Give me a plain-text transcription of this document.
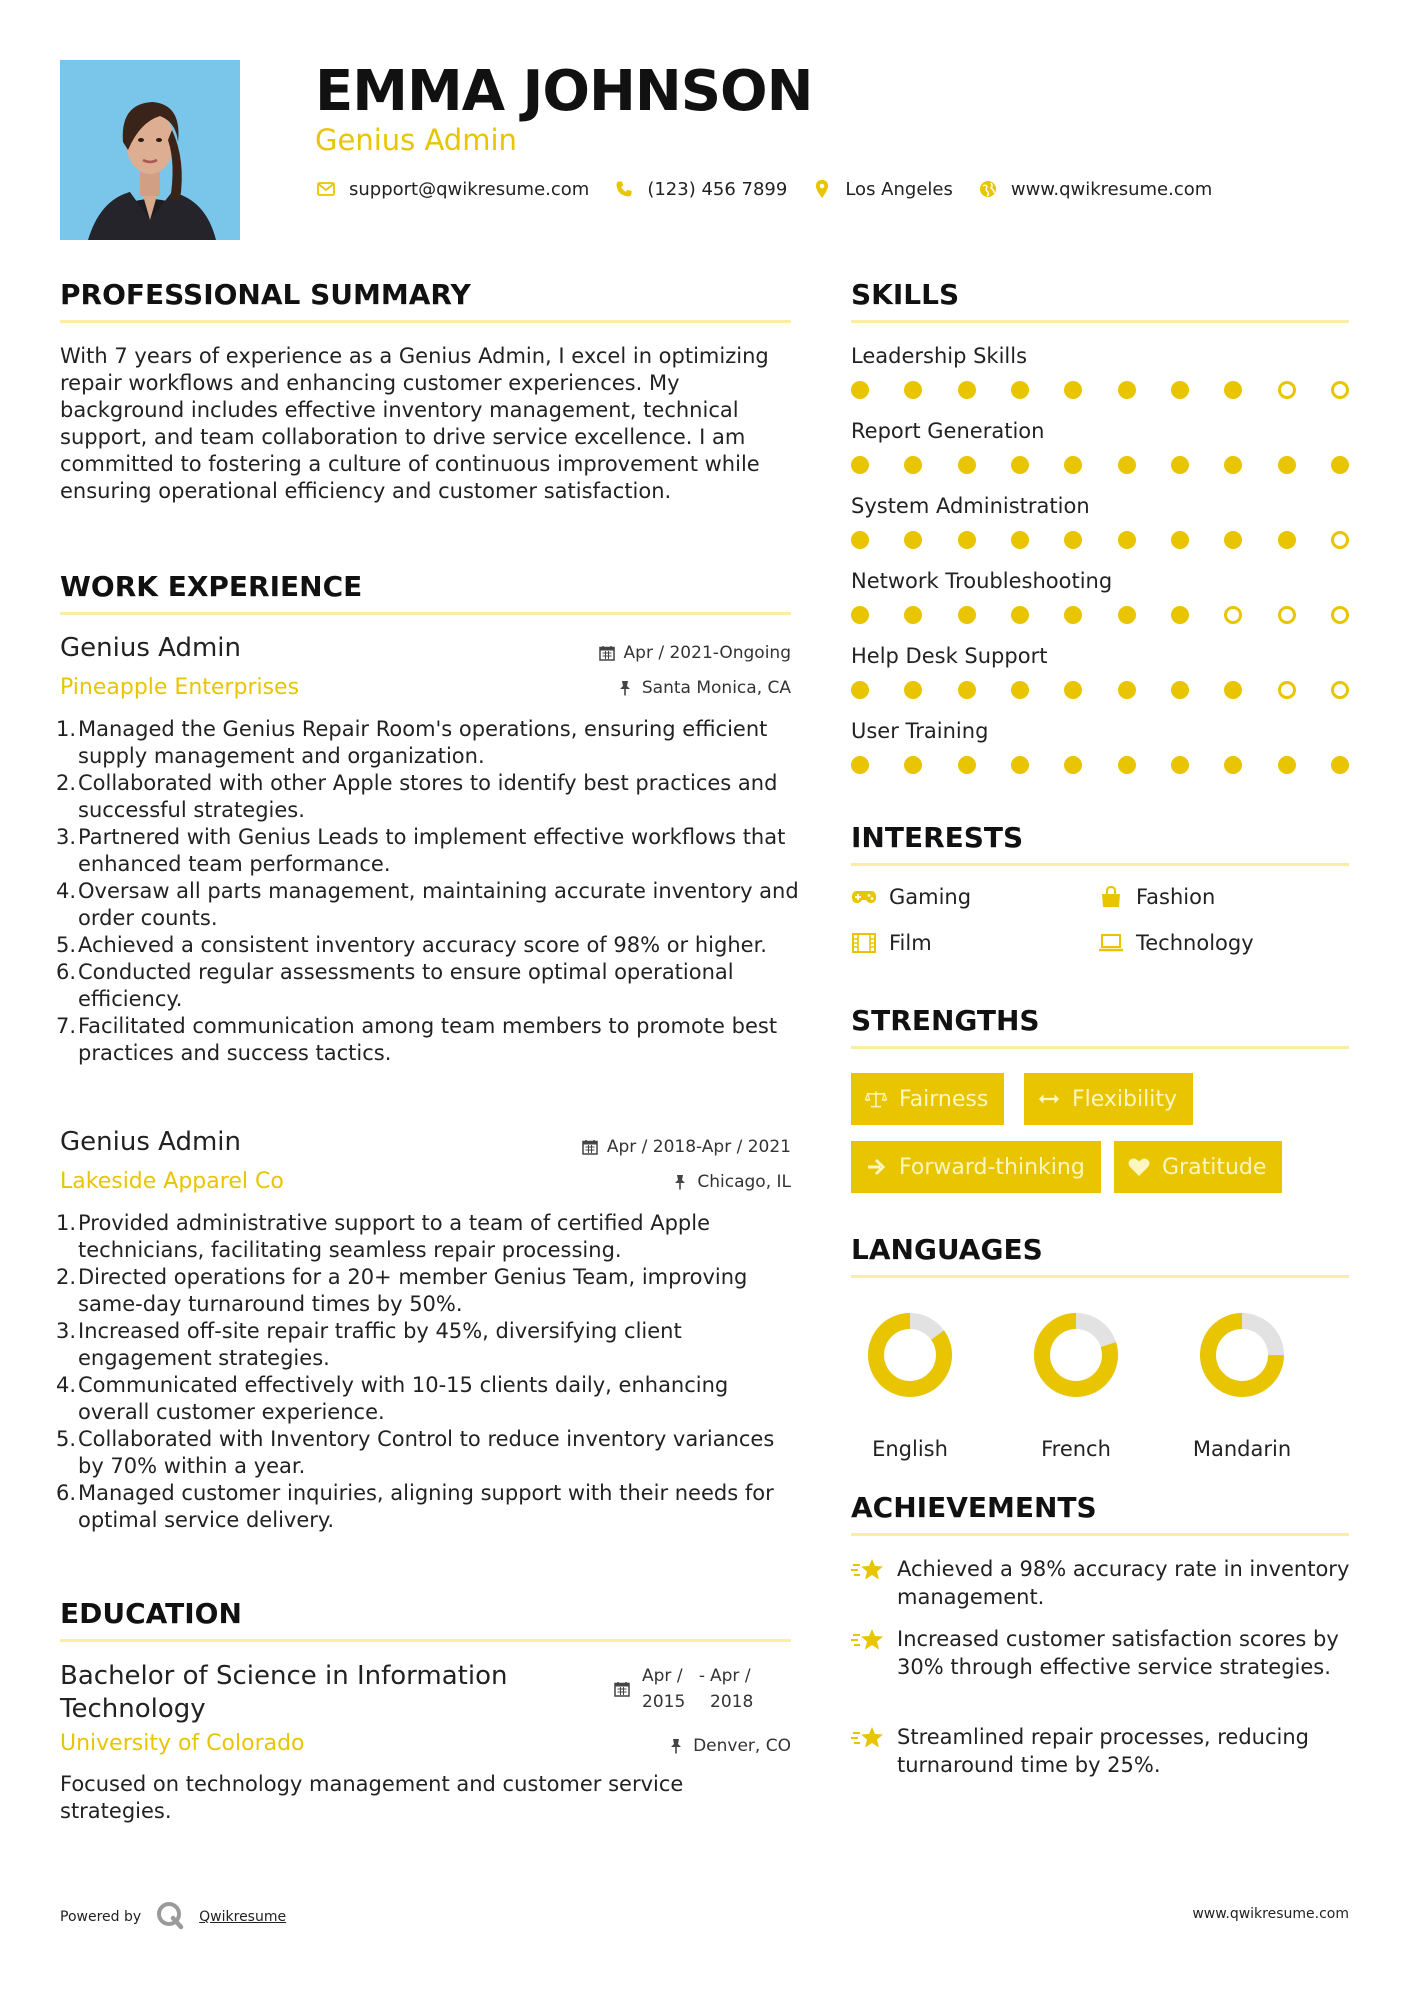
EMMA JOHNSON
Genius Admin
support@qwikresume.com	(123) 456 7899	Los Angeles	www.qwikresume.com
PROFESSIONAL SUMMARY
With 7 years of experience as a Genius Admin, I excel in optimizing repair workflows and enhancing customer experiences. My background includes effective inventory management, technical support, and team collaboration to drive service excellence. I am committed to fostering a culture of continuous improvement while ensuring operational efficiency and customer satisfaction.
WORK EXPERIENCE
Genius Admin	Apr / 2021-Ongoing
Pineapple Enterprises	Santa Monica, CA
1. Managed the Genius Repair Room's operations, ensuring efficient supply management and organization.
2. Collaborated with other Apple stores to identify best practices and successful strategies.
3. Partnered with Genius Leads to implement effective workflows that enhanced team performance.
4. Oversaw all parts management, maintaining accurate inventory and order counts.
5. Achieved a consistent inventory accuracy score of 98% or higher.
6. Conducted regular assessments to ensure optimal operational efficiency.
7. Facilitated communication among team members to promote best practices and success tactics.
Genius Admin	Apr / 2018-Apr / 2021
Lakeside Apparel Co	Chicago, IL
1. Provided administrative support to a team of certified Apple technicians, facilitating seamless repair processing.
2. Directed operations for a 20+ member Genius Team, improving same-day turnaround times by 50%.
3. Increased off-site repair traffic by 45%, diversifying client engagement strategies.
4. Communicated effectively with 10-15 clients daily, enhancing overall customer experience.
5. Collaborated with Inventory Control to reduce inventory variances by 70% within a year.
6. Managed customer inquiries, aligning support with their needs for optimal service delivery.
EDUCATION
Bachelor of Science in Information Technology
Apr / 2015
- Apr / 2018
University of Colorado	Denver, CO
Focused on technology management and customer service strategies.
SKILLS
Leadership Skills
Report Generation
System Administration
Network Troubleshooting
Help Desk Support
User Training
INTERESTS
Gaming	Fashion
Film	Technology
STRENGTHS
Fairness	Flexibility
Forward-thinking	Gratitude
LANGUAGES
English	French	Mandarin
ACHIEVEMENTS
Achieved a 98% accuracy rate in inventory management.
Increased customer satisfaction scores by 30% through effective service strategies.
Streamlined repair processes, reducing turnaround time by 25%.
Powered by	Qwikresume	www.qwikresume.com
